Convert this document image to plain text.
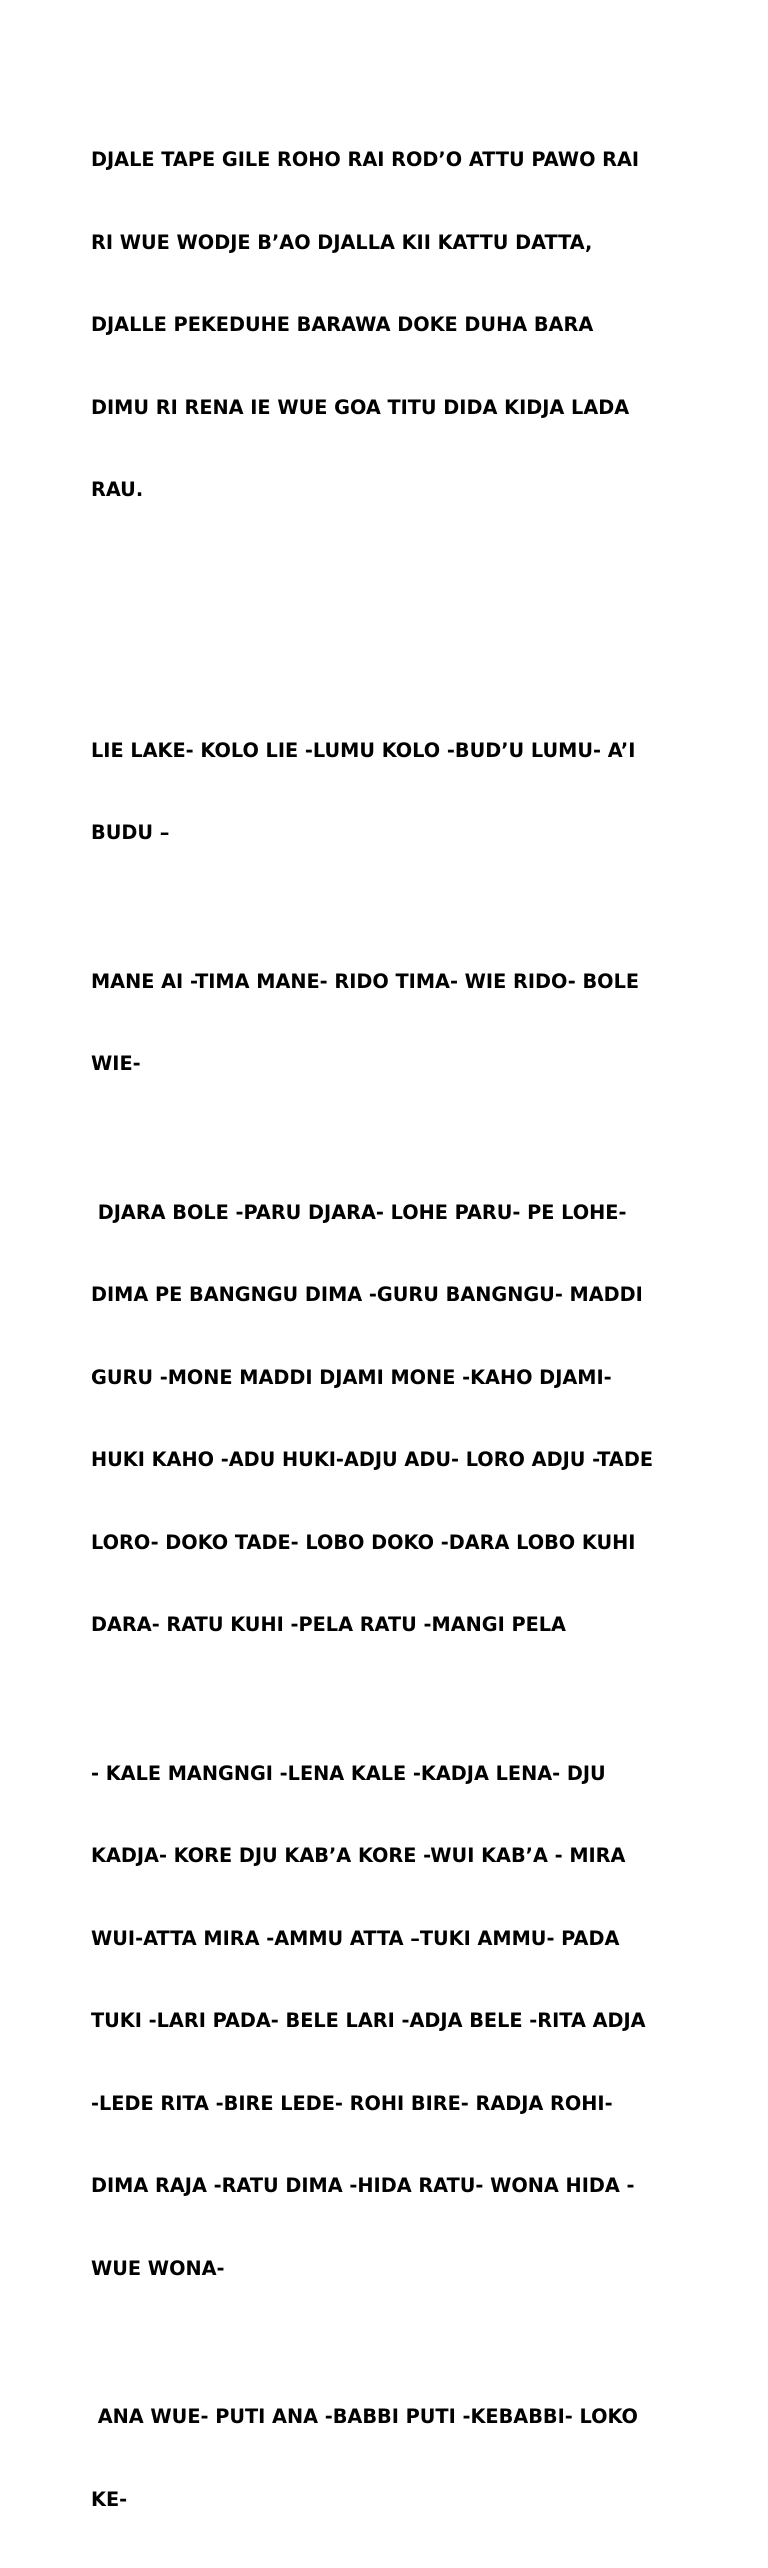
DJALE TAPE GILE ROHO RAI ROD’O ATTU PAWO RAI

RI WUE WODJE B’AO DJALLA KII KATTU DATTA,

DJALLE PEKEDUHE BARAWA DOKE DUHA BARA

DIMU RI RENA IE WUE GOA TITU DIDA KIDJA LADA

RAU.

LIE LAKE- KOLO LIE -LUMU KOLO -BUD’U LUMU- A’I

BUDU –

MANE AI -TIMA MANE- RIDO TIMA- WIE RIDO- BOLE

WIE-

DJARA BOLE -PARU DJARA- LOHE PARU- PE LOHE-

DIMA PE BANGNGU DIMA -GURU BANGNGU- MADDI

GURU -MONE MADDI DJAMI MONE -KAHO DJAMI-

HUKI KAHO -ADU HUKI-ADJU ADU- LORO ADJU -TADE

LORO- DOKO TADE- LOBO DOKO -DARA LOBO KUHI

DARA- RATU KUHI -PELA RATU -MANGI PELA

- KALE MANGNGI -LENA KALE -KADJA LENA- DJU

KADJA- KORE DJU KAB’A KORE -WUI KAB’A - MIRA

WUI-ATTA MIRA -AMMU ATTA –TUKI AMMU- PADA

TUKI -LARI PADA- BELE LARI -ADJA BELE -RITA ADJA

-LEDE RITA -BIRE LEDE- ROHI BIRE- RADJA ROHI-

DIMA RAJA -RATU DIMA -HIDA RATU- WONA HIDA -

WUE WONA-

ANA WUE- PUTI ANA -BABBI PUTI -KEBABBI- LOKO

KE-
